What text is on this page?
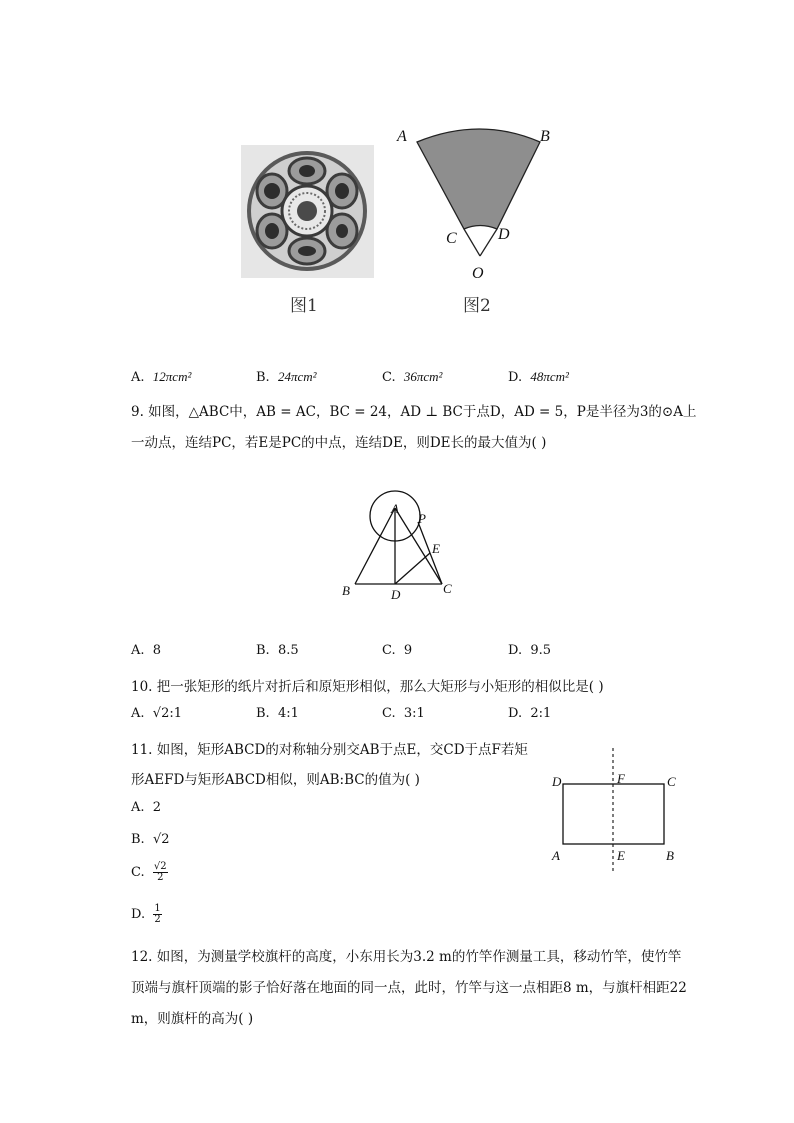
图1
A	B
C	D
O
图2
A. 12πcm²	B. 24πcm²	C. 36πcm²	D. 48πcm²
9. 如图，△ABC中，AB = AC，BC = 24，AD ⊥ BC于点D，AD = 5，P是半径为3的⊙A上
一动点，连结PC，若E是PC的中点，连结DE，则DE长的最大值为( )
A
P
E
B	D	C
A. 8	B. 8.5	C. 9	D. 9.5
10. 把一张矩形的纸片对折后和原矩形相似，那么大矩形与小矩形的相似比是( )
A. √2:1	B. 4:1	C. 3:1	D. 2:1
11. 如图，矩形ABCD的对称轴分别交AB于点E，交CD于点F若矩
形AEFD与矩形ABCD相似，则AB:BC的值为( )	D	F	C
A	E	B
A. 2
B. √2
C. $\frac{√2}{2}$
D. $\frac{1}{2}$
12. 如图，为测量学校旗杆的高度，小东用长为3.2 m的竹竿作测量工具，移动竹竿，使竹竿
顶端与旗杆顶端的影子恰好落在地面的同一点，此时，竹竿与这一点相距8 m，与旗杆相距22
m，则旗杆的高为( )
